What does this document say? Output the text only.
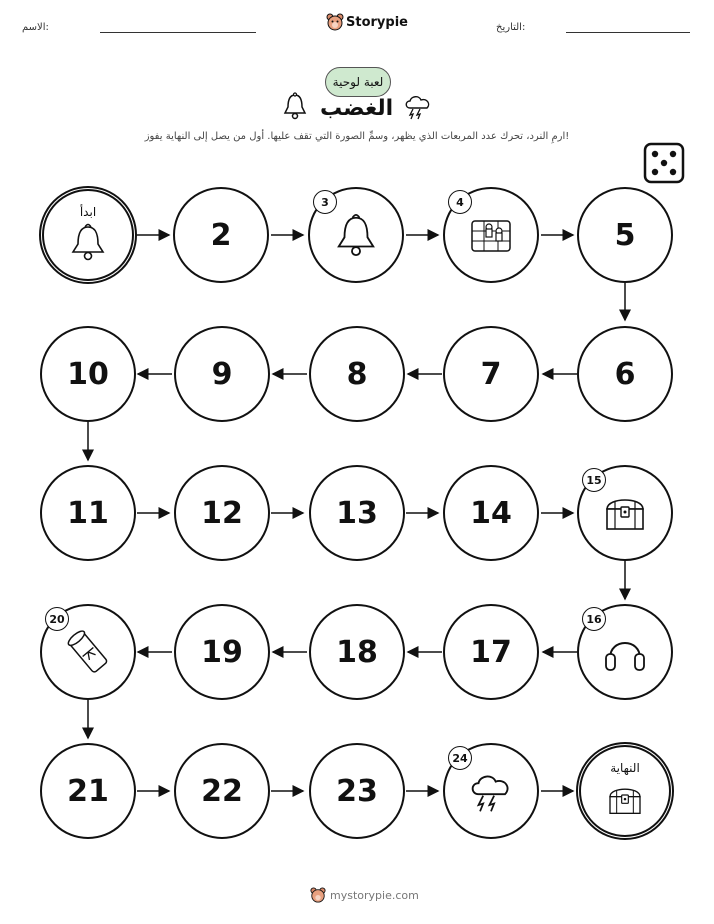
الاسم:	Storypie	التاريخ:
لعبة لوحية
الغضب
ارمِ النرد، تحرك عدد المربعات الذي يظهر، وسمِّ الصورة التي تقف عليها. أول من يصل إلى النهاية يفوز!
ابدأ
2
3	4
5
10	9	8	7	6
11	12	13	14
15
20
19	18	17
16
21	22	23
24
النهاية
mystorypie.com
